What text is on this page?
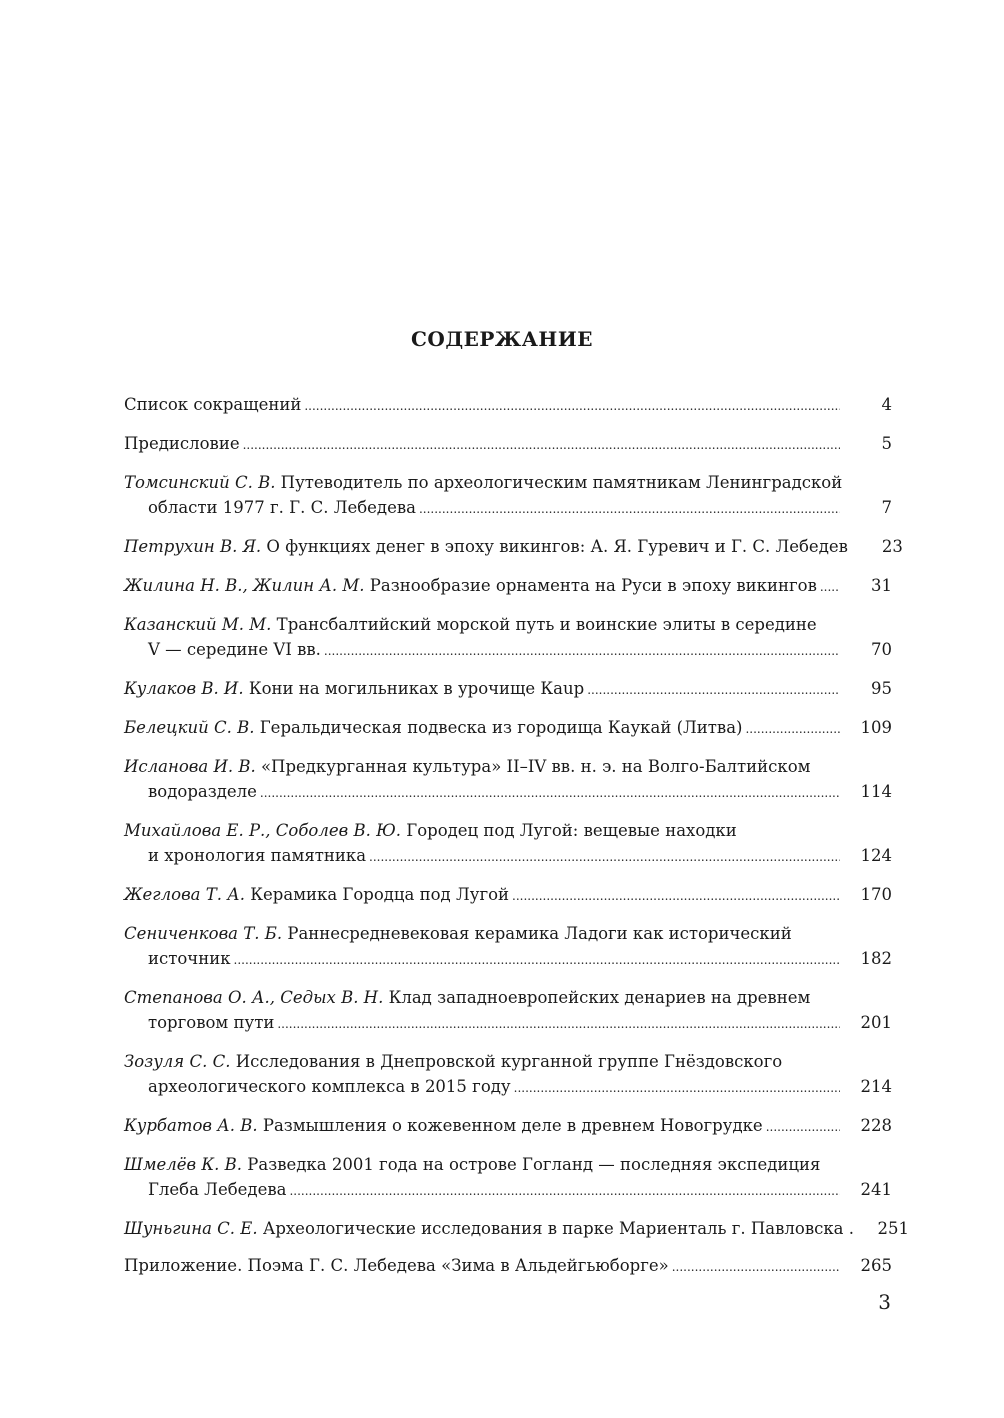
СОДЕРЖАНИЕ
Список сокращений .....	4
Предисловие .....	5
Томсинский С. В. Путеводитель по археологическим памятникам Ленинградской
области 1977 г. Г. С. Лебедева .....	7
Петрухин В. Я. О функциях денег в эпоху викингов: А. Я. Гуревич и Г. С. Лебедев	23
Жилина Н. В., Жилин А. М. Разнообразие орнамента на Руси в эпоху викингов .....	31
Казанский М. М. Трансбалтийский морской путь и воинские элиты в середине
V — середине VI вв. .....	70
Кулаков В. И. Кони на могильниках в урочище Каup .....	95
Белецкий С. В. Геральдическая подвеска из городища Каукай (Литва) .....	109
Исланова И. В. «Предкурганная культура» II–IV вв. н. э. на Волго-Балтийском
водоразделе .....	114
Михайлова Е. Р., Соболев В. Ю. Городец под Лугой: вещевые находки
и хронология памятника .....	124
Жеглова Т. А. Керамика Городца под Лугой .....	170
Сениченкова Т. Б. Раннесредневековая керамика Ладоги как исторический
источник .....	182
Степанова О. А., Седых В. Н. Клад западноевропейских денариев на древнем
торговом пути .....	201
Зозуля С. С. Исследования в Днепровской курганной группе Гнёздовского
археологического комплекса в 2015 году .....	214
Курбатов А. В. Размышления о кожевенном деле в древнем Новогрудке .....	228
Шмелёв К. В. Разведка 2001 года на острове Гогланд — последняя экспедиция
Глеба Лебедева .....	241
Шуньгина С. Е. Археологические исследования в парке Мариенталь г. Павловска .	251
Приложение. Поэма Г. С. Лебедева «Зима в Альдейгьюборге» .....	265
3
